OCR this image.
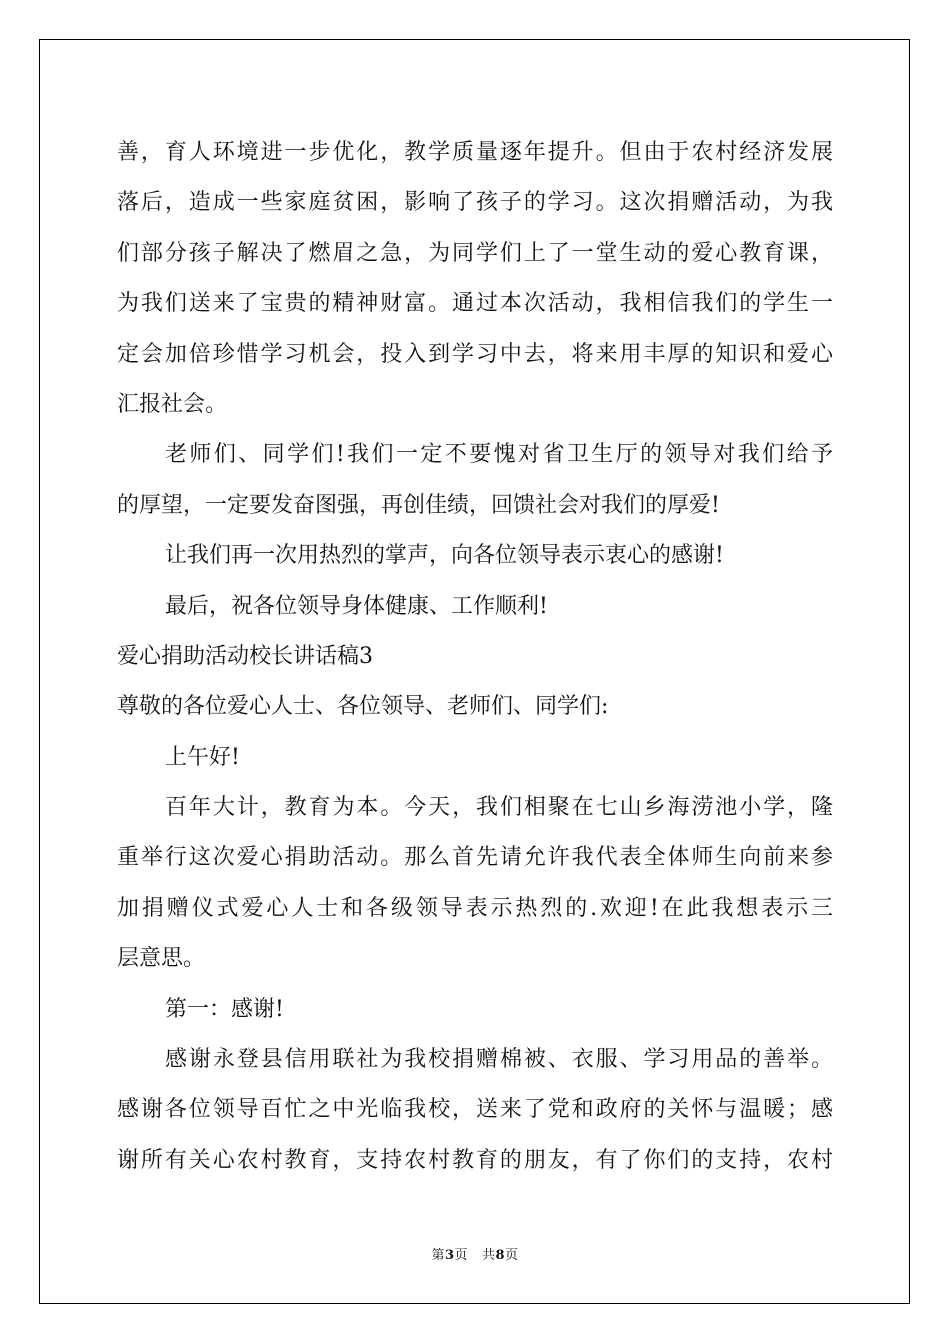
善，育人环境进一步优化，教学质量逐年提升。但由于农村经济发展
落后，造成一些家庭贫困，影响了孩子的学习。这次捐赠活动，为我
们部分孩子解决了燃眉之急，为同学们上了一堂生动的爱心教育课，
为我们送来了宝贵的精神财富。通过本次活动，我相信我们的学生一
定会加倍珍惜学习机会，投入到学习中去，将来用丰厚的知识和爱心
汇报社会。
老师们、同学们!我们一定不要愧对省卫生厅的领导对我们给予
的厚望，一定要发奋图强，再创佳绩，回馈社会对我们的厚爱!
让我们再一次用热烈的掌声，向各位领导表示衷心的感谢!
最后，祝各位领导身体健康、工作顺利!
爱心捐助活动校长讲话稿3
尊敬的各位爱心人士、各位领导、老师们、同学们:
上午好!
百年大计，教育为本。今天，我们相聚在七山乡海涝池小学，隆
重举行这次爱心捐助活动。那么首先请允许我代表全体师生向前来参
加捐赠仪式爱心人士和各级领导表示热烈的.欢迎!在此我想表示三
层意思。
第一：感谢!
感谢永登县信用联社为我校捐赠棉被、衣服、学习用品的善举。
感谢各位领导百忙之中光临我校，送来了党和政府的关怀与温暖；感
谢所有关心农村教育，支持农村教育的朋友，有了你们的支持，农村
第3页 共8页
